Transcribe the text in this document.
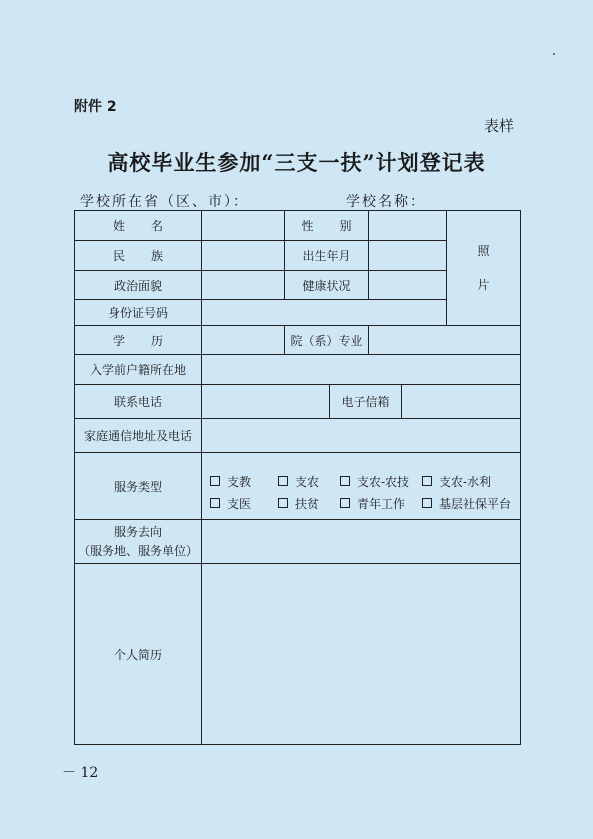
附件 2
表样
高校毕业生参加“三支一扶”计划登记表
学校所在省（区、市）：	学校名称：
姓名	性别
照
片
民族	出生年月
政治面貌	健康状况
身份证号码
学历	院（系）专业
入学前户籍所在地
联系电话	电子信箱
家庭通信地址及电话
服务类型	支教	支农	支农-农技 支农-水利
支医	扶贫	青年工作	基层社保平台
服务去向
（服务地、服务单位）
个人简历
－ 12
